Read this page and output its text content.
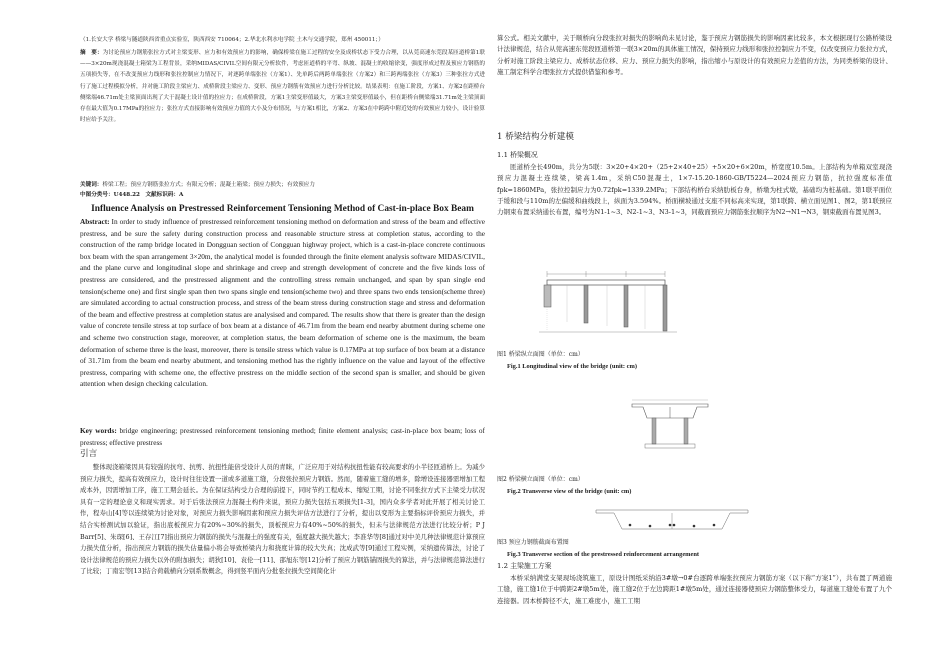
（1.长安大学 桥梁与隧道陕西省重点实验室，陕西西安 710064；2.华北水利水电学院 土木与交通学院，郑州 450011；）

摘　要：为讨论预应力钢筋张拉方式对主梁变形、应力和有效预应力的影响，确保桥梁在施工过程的安全及成桥状态下受力合理，以从莞高速东莞段某匝道桥第1联——3×20m现浇混凝土箱梁为工程背景，采纳MIDAS/CIVIL空间有限元分析软件，考虑匝道桥的平弯、纵坡、混凝土的收缩徐变，强度形成过程及预应力钢筋的五项损失等，在不改变预应力线形和张拉控制应力情况下，对逐跨单端张拉（方案1）、先单跨后两跨单端张拉（方案2）和三跨两端张拉（方案3）三种张拉方式进行了施工过程模拟分析，并对施工阶段主梁应力、成桥阶段主梁应力、变形、预应力钢筋有效预应力进行分析比较。结果表明：在施工阶段，方案1、方案2在距桥台侧梁端46.71m处主梁顶面出现了大于混凝土设计值的拉应力；在成桥阶段，方案1主梁变形值最大，方案3主梁变形值最小，但在距桥台侧梁端31.71m处主梁顶面存在最大值为0.17MPa的拉应力；张拉方式直接影响有效预应力值的大小及分布情况，与方案1相比，方案2、方案3在中跨跨中附近处的有效预应力较小，设计验算时应给予关注。

关键词：桥梁工程；预应力钢筋张拉方式；有限元分析；混凝土箱梁；预应力损失；有效预应力

中图分类号：U448.22　文献标识码：A

Influence Analysis on Prestressed Reinforcement Tensioning Method of Cast-in-place Box Beam

Abstract: In order to study influence of prestressed reinforcement tensioning method on deformation and stress of the beam and effective prestress, and be sure the safety during construction process and reasonable structure stress at completion status, according to the construction of the ramp bridge located in Dongguan section of Congguan highway project, which is a cast-in-place concrete continuous box beam with the span arrangement 3×20m, the analytical model is founded through the finite element analysis software MIDAS/CIVIL, and the plane curve and longitudinal slope and shrinkage and creep and strength development of concrete and the five kinds loss of prestress are considered, and the prestressed alignment and the controlling stress remain unchanged, and span by span single end tension(scheme one) and first single span then two spans single end tension(scheme two) and three spans two ends tension(scheme three) are simulated according to actual construction process, and stress of the beam stress during construction stage and stress and deformation of the beam and effective prestress at completion status are analysised and compared. The results show that there is greater than the design value of concrete tensile stress at top surface of box beam at a distance of 46.71m from the beam end nearby abutment during scheme one and scheme two construction stage, moreover, at completion status, the beam deformation of scheme one is the maximum, the beam deformation of scheme three is the least, moreover, there is tensile stress which value is 0.17MPa at top surface of box beam at a distance of 31.71m from the beam end nearby abutment, and tensioning method has the rightly influence on the value and layout of the effective prestress, comparing with scheme one, the effective prestress on the middle section of the second span is smaller, and should be given attention when design checking calculation.

Key words: bridge engineering; prestressed reinforcement tensioning method; finite element analysis; cast-in-place box beam; loss of prestress; effective prestress

引言

整体现浇箱梁因具有较强的抗弯、抗剪、抗扭性能倍受设计人员的青睐，广泛应用于对结构抗扭性能有较高要求的小半径匝道桥上。为减少预应力损失，提高有效预应力，设计时往往设置一道或多道施工缝，分段张拉预应力钢筋。然而，随着施工缝的增多，除增设连接器需增加工程成本外，因需增加工序，施工工期会延长。为在保证结构受力合理的前提下，同时节约工程成本、缩短工期，讨论不同张拉方式下主梁受力状况具有一定的理论意义和现实需求。对于后张法预应力混凝土构件来说，预应力损失包括五项损失[1-3]，国内众多学者对此开展了相关讨论工作，程寿山[4]等以连续梁为讨论对象，对预应力损失影响因素和预应力损失评估方法进行了分析，提出以变形为主要指标评价预应力损失，并结合实桥测试加以验证，指出底板预应力有20%~30%的损失，顶板预应力有40%~50%的损失，但未与法律规范方法进行比较分析；P J Barr[5]、朱琛[6]、王存江[7]指出预应力钢筋的损失与混凝土的强度有关，强度越大损失越大；李准华等[8]通过对中美几种法律规范计算预应力损失值分析，指出预应力钢筋的损失估量偏小将会导致桥梁内力和挠度计算的较大失真；沈成武等[9]通过工程实例，采纳遗传算法，讨论了设计法律规范的预应力损失以外的附加损失；胡狄[10]、袁伦一[11]、邵旭东等[12]分析了预应力钢筋锚固损失的算法，并与法律规范算法进行了比较；丁南宏等[13]结合荷载横向分别系数概念，得到竖平面内分批张拉损失空间简化计

算公式。相关文献中，关于顺桥向分段张拉对损失的影响尚未见讨论，鉴于预应力钢筋损失的影响因素比较多，本文根据现行公路桥梁设计法律规范，结合从莞高速东莞段匝道桥第一联3×20m的具体施工情况，保持预应力线形和张拉控制应力不变，仅改变预应力张拉方式，分析对施工阶段主梁应力、成桥状态位移、应力、预应力损失的影响，指出缩小与原设计的有效预应力差值的方法，为同类桥梁的设计、施工制定科学合理张拉方式提供借鉴和参考。

1 桥梁结构分析建模

1.1 桥梁概况

匝道桥全长490m，共分为5联：3×20+4×20+（25+2×40+25）+5×20+6×20m，桥宽度10.5m。上部结构为单箱双室现浇预应力混凝土连续梁，梁高1.4m，采纳C50混凝土，1×7-15.20-1860-GB/T5224—2024预应力钢筋，抗拉强度标准值fpk=1860MPa，张拉控制应力为0.72fpk=1339.2MPa；下部结构桥台采纳肋板台身，桥墩为柱式墩，基础均为桩基础。第1联平面位于缓和段与110m的左偏缓和曲线段上，纵面为3.594%。桥面横坡通过支座不同标高来实现，第1联跨、横立面见图1、图2，第1联预应力钢束布置采纳通长布置，编号为N1-1~3、N2-1~3、N3-1~3，同截面预应力钢筋张拉顺序为N2→N1→N3，钢束截面布置见图3。

图1 桥梁纵立面图（单位：cm）

Fig.1 Longitudinal view of the bridge (unit: cm)

图2 桥梁横立面图（单位：cm）

Fig.2 Transverse view of the bridge (unit: cm)

图3 预应力钢筋截面布置图

Fig.3 Transverse section of the prestressed reinforcement arrangement

1.2 主梁施工方案

本桥采纳满堂支架现场浇筑施工，原设计图纸采纳沿3#墩→0#台逐跨单端张拉预应力钢筋方案（以下称“方案1”），共布置了两道施工缝，施工缝1位于中跨距2#墩5m处，施工缝2位于左边跨距1#墩5m处，通过连接器使预应力钢筋整体受力，每道施工缝处布置了九个连接器。因本桥跨径不大，施工难度小，施工工期
